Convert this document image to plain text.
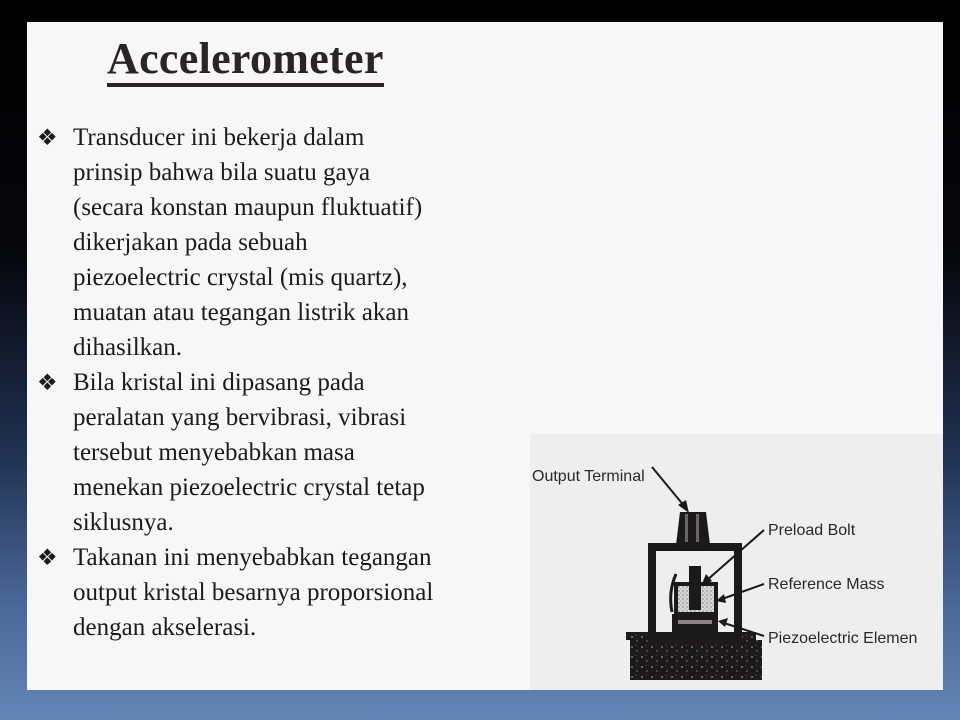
Accelerometer
❖ Transducer ini bekerja dalam
prinsip bahwa bila suatu gaya
(secara konstan maupun fluktuatif)
dikerjakan pada sebuah
piezoelectric crystal (mis quartz),
muatan atau tegangan listrik akan
dihasilkan.
❖ Bila kristal ini dipasang pada
peralatan yang bervibrasi, vibrasi
tersebut menyebabkan masa
menekan piezoelectric crystal tetap
siklusnya.
❖ Takanan ini menyebabkan tegangan
output kristal besarnya proporsional
dengan akselerasi.
Output Terminal
Preload Bolt
Reference Mass
Piezoelectric Elemen
